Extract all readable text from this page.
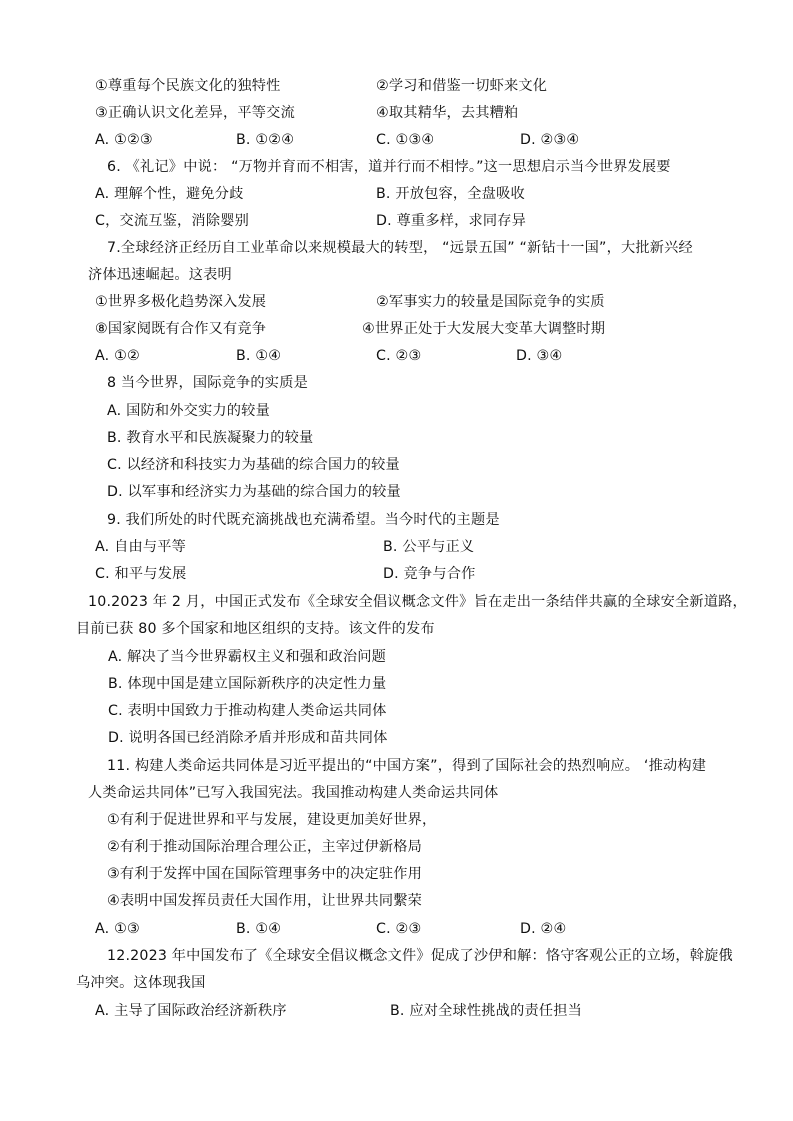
①尊重每个民族文化的独特性	②学习和借鉴一切虾来文化
③正确认识文化差异，平等交流	④取其精华，去其糟粕
A. ①②③	B. ①②④	C. ①③④	D. ②③④
6. 《礼记》中说： “万物并育而不相害，道并行而不相悖。”这一思想启示当今世界发展要
A. 理解个性，避免分歧	B. 开放包容，全盘吸收
C，交流互鉴，消除婴别	D. 尊重多样，求同存异
7.全球经济正经历自工业革命以来规模最大的转型， “远景五国” “新钻十一国”，大批新兴经
济体迅速崛起。这表明
①世界多极化趋势深入发展	②军事实力的较量是国际竞争的实质
⑧国家阋既有合作又有竞争	④世界正处于大发展大变革大调整时期
A. ①②	B. ①④	C. ②③	D. ③④
8 当今世界，国际竞争的实质是
A. 国防和外交实力的较量
B. 教育水平和民族凝聚力的较量
C. 以经济和科技实力为基础的综合国力的较量
D. 以军事和经济实力为基础的综合国力的较量
9. 我们所处的时代既充滴挑战也充满希望。当今时代的主题是
A. 自由与平等	B. 公平与正义
C. 和平与发展	D. 竞争与合作
10.2023 年 2 月，中国正式发布《全球安全倡议概念文件》旨在走出一条结伴共赢的全球安全新道路，
目前已获 80 多个国家和地区组织的支持。该文件的发布
A. 解决了当今世界霸权主义和强和政治问题
B. 体现中国是建立国际新秩序的决定性力量
C. 表明中国致力于推动构建人类命运共同体
D. 说明各国已经消除矛盾并形成和苗共同体
11. 构建人类命运共同体是习近平提出的“中国方案”，得到了国际社会的热烈响应。 ‘推动构建
人类命运共同体”已写入我国宪法。我国推动构建人类命运共同体
①有利于促进世界和平与发展，建设更加美好世界，
②有利于推动国际治理合理公正，主宰过伊新格局
③有利于发挥中国在国际管理事务中的决定驻作用
④表明中国发挥员责任大国作用，让世界共同繫荣
A. ①③	B. ①④	C. ②③	D. ②④
12.2023 年中国发布了《全球安全倡议概念文件》促成了沙伊和解：恪守客观公正的立场，斡旋俄
乌冲突。这体现我国
A. 主导了国际政治经济新秩序	B. 应对全球性挑战的责任担当
